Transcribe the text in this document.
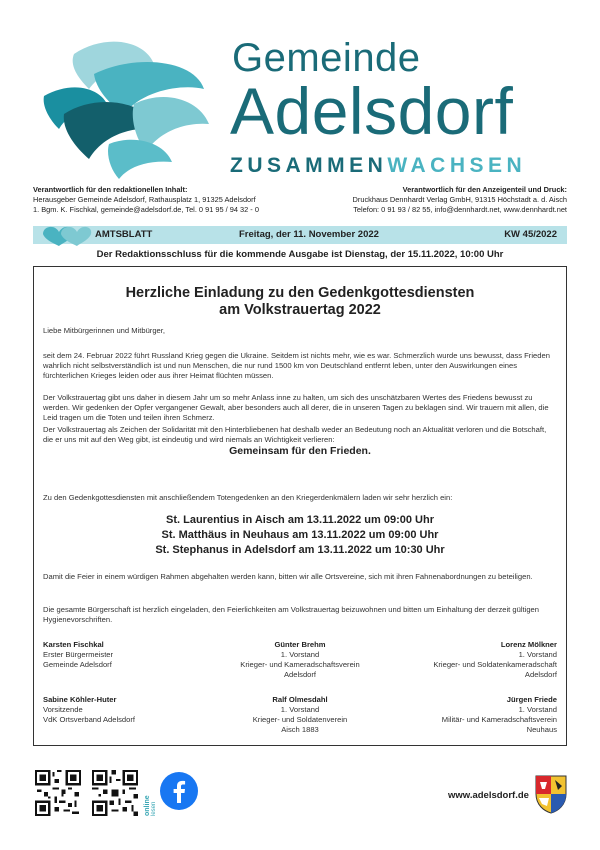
Gemeinde
Adelsdorf
ZUSAMMENWACHSEN
Verantwortlich für den redaktionellen Inhalt:
Herausgeber Gemeinde Adelsdorf, Rathausplatz 1, 91325 Adelsdorf
1. Bgm. K. Fischkal, gemeinde@adelsdorf.de, Tel. 0 91 95 / 94 32 - 0
Verantwortlich für den Anzeigenteil und Druck:
Druckhaus Dennhardt Verlag GmbH, 91315 Höchstadt a. d. Aisch
Telefon: 0 91 93 / 82 55, info@dennhardt.net, www.dennhardt.net
AMTSBLATT	Freitag, der 11. November 2022	KW 45/2022
Der Redaktionsschluss für die kommende Ausgabe ist Dienstag, der 15.11.2022, 10:00 Uhr
Herzliche Einladung zu den Gedenkgottesdiensten
am Volkstrauertag 2022
Liebe Mitbürgerinnen und Mitbürger,
seit dem 24. Februar 2022 führt Russland Krieg gegen die Ukraine. Seitdem ist nichts mehr, wie es war. Schmerzlich wurde uns bewusst, dass Frieden wahrlich nicht selbstverständlich ist und nun Menschen, die nur rund 1500 km von Deutschland entfernt leben, unter den Auswirkungen eines fürchterlichen Krieges leiden oder aus ihrer Heimat flüchten müssen.
Der Volkstrauertag gibt uns daher in diesem Jahr um so mehr Anlass inne zu halten, um sich des unschätzbaren Wertes des Friedens bewusst zu werden. Wir gedenken der Opfer vergangener Gewalt, aber besonders auch all derer, die in unseren Tagen zu beklagen sind. Wir trauern mit allen, die Leid tragen um die Toten und teilen ihren Schmerz.
Der Volkstrauertag als Zeichen der Solidarität mit den Hinterbliebenen hat deshalb weder an Bedeutung noch an Aktualität verloren und die Botschaft, die er uns mit auf den Weg gibt, ist eindeutig und wird niemals an Wichtigkeit verlieren:
Gemeinsam für den Frieden.
Zu den Gedenkgottesdiensten mit anschließendem Totengedenken an den Kriegerdenkmälern laden wir sehr herzlich ein:
St. Laurentius in Aisch am 13.11.2022 um 09:00 Uhr
St. Matthäus in Neuhaus am 13.11.2022 um 09:00 Uhr
St. Stephanus in Adelsdorf am 13.11.2022 um 10:30 Uhr
Damit die Feier in einem würdigen Rahmen abgehalten werden kann, bitten wir alle Ortsvereine, sich mit ihren Fahnenabordnungen zu beteiligen.
Die gesamte Bürgerschaft ist herzlich eingeladen, den Feierlichkeiten am Volkstrauertag beizuwohnen und bitten um Einhaltung der derzeit gültigen Hygienevorschriften.
Karsten Fischkal
Erster Bürgermeister
Gemeinde Adelsdorf
Günter Brehm
1. Vorstand
Krieger- und Kameradschaftsverein
Adelsdorf
Lorenz Mölkner
1. Vorstand
Krieger- und Soldatenkameradschaft
Adelsdorf
Sabine Köhler-Huter
Vorsitzende
VdK Ortsverband Adelsdorf
Ralf Olmesdahl
1. Vorstand
Krieger- und Soldatenverein
Aisch 1883
Jürgen Friede
1. Vorstand
Militär- und Kameradschaftsverein
Neuhaus
online lesen
www.adelsdorf.de
